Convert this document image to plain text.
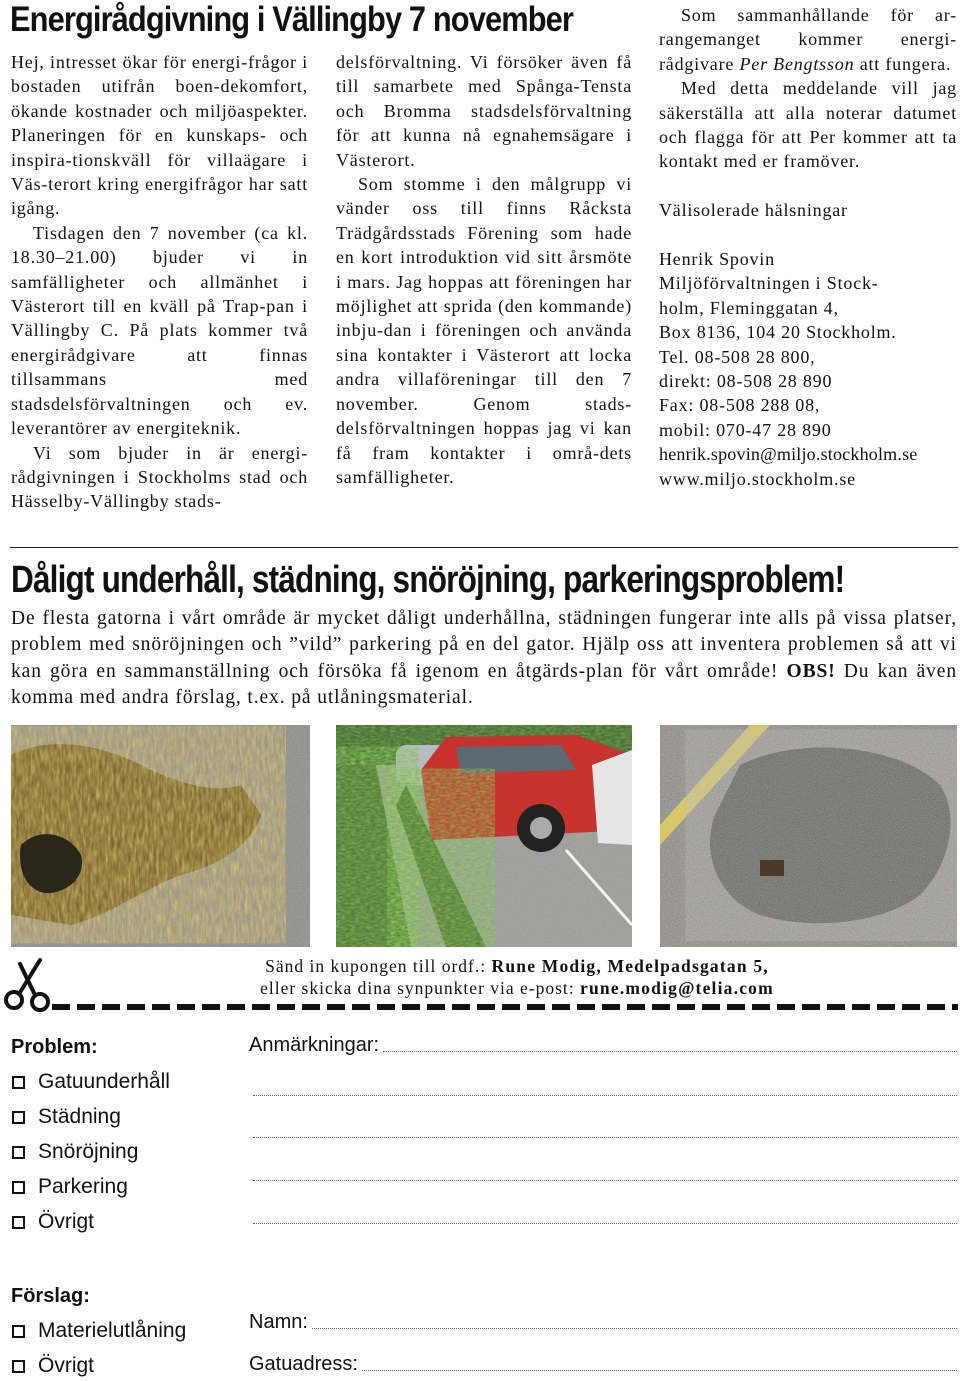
Energirådgivning i Vällingby 7 november

Hej, intresset ökar för energi-frågor i bostaden utifrån boen-dekomfort, ökande kostnader och miljöaspekter. Planeringen för en kunskaps- och inspira-tionskväll för villaägare i Väs-terort kring energifrågor har satt igång.

Tisdagen den 7 november (ca kl. 18.30–21.00) bjuder vi in samfälligheter och allmänhet i Västerort till en kväll på Trap-pan i Vällingby C. På plats kommer två energirådgivare att finnas tillsammans med stadsdelsförvaltningen och ev. leverantörer av energiteknik.

Vi som bjuder in är energi-rådgivningen i Stockholms stad och Hässelby-Vällingby stads-

delsförvaltning. Vi försöker även få till samarbete med Spånga-Tensta och Bromma stadsdelsförvaltning för att kunna nå egnahemsägare i Västerort.

Som stomme i den målgrupp vi vänder oss till finns Råcksta Trädgårdsstads Förening som hade en kort introduktion vid sitt årsmöte i mars. Jag hoppas att föreningen har möjlighet att sprida (den kommande) inbju-dan i föreningen och använda sina kontakter i Västerort att locka andra villaföreningar till den 7 november. Genom stads-delsförvaltningen hoppas jag vi kan få fram kontakter i områ-dets samfälligheter.

Som sammanhållande för ar-rangemanget kommer energi-rådgivare Per Bengtsson att fungera.

Med detta meddelande vill jag säkerställa att alla noterar datumet och flagga för att Per kommer att ta kontakt med er framöver.

Välisolerade hälsningar

Henrik Spovin

Miljöförvaltningen i Stock-holm, Fleminggatan 4,
Box 8136, 104 20 Stockholm.
Tel. 08-508 28 800,
direkt: 08-508 28 890
Fax: 08-508 288 08,
mobil: 070-47 28 890
henrik.spovin@miljo.stockholm.se
www.miljo.stockholm.se
Dåligt underhåll, städning, snöröjning, parkeringsproblem!
De flesta gatorna i vårt område är mycket dåligt underhållna, städningen fungerar inte alls på vissa platser, problem med snöröjningen och ”vild” parkering på en del gator. Hjälp oss att inventera problemen så att vi kan göra en sammanställning och försöka få igenom en åtgärds-plan för vårt område! OBS! Du kan även komma med andra förslag, t.ex. på utlåningsmaterial.
Sänd in kupongen till ordf.: Rune Modig, Medelpadsgatan 5,
eller skicka dina synpunkter via e-post: rune.modig@telia.com
Problem:
Gatuunderhåll
Städning
Snöröjning
Parkering
Övrigt
Förslag:
Materielutlåning
Övrigt
Anmärkningar:
Namn:
Gatuadress:
